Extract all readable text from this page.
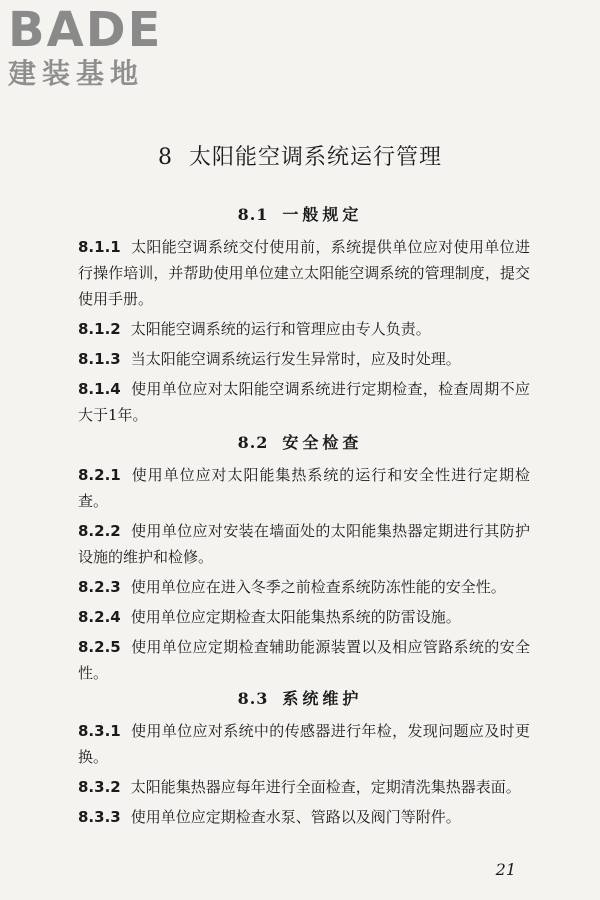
BADE
建装基地
8 太阳能空调系统运行管理
8.1 一般规定

8.1.1 太阳能空调系统交付使用前，系统提供单位应对使用单位进行操作培训，并帮助使用单位建立太阳能空调系统的管理制度，提交使用手册。

8.1.2 太阳能空调系统的运行和管理应由专人负责。

8.1.3 当太阳能空调系统运行发生异常时，应及时处理。

8.1.4 使用单位应对太阳能空调系统进行定期检查，检查周期不应大于1年。

8.2 安全检查

8.2.1 使用单位应对太阳能集热系统的运行和安全性进行定期检查。

8.2.2 使用单位应对安装在墙面处的太阳能集热器定期进行其防护设施的维护和检修。

8.2.3 使用单位应在进入冬季之前检查系统防冻性能的安全性。

8.2.4 使用单位应定期检查太阳能集热系统的防雷设施。

8.2.5 使用单位应定期检查辅助能源装置以及相应管路系统的安全性。

8.3 系统维护

8.3.1 使用单位应对系统中的传感器进行年检，发现问题应及时更换。

8.3.2 太阳能集热器应每年进行全面检查，定期清洗集热器表面。

8.3.3 使用单位应定期检查水泵、管路以及阀门等附件。

21
